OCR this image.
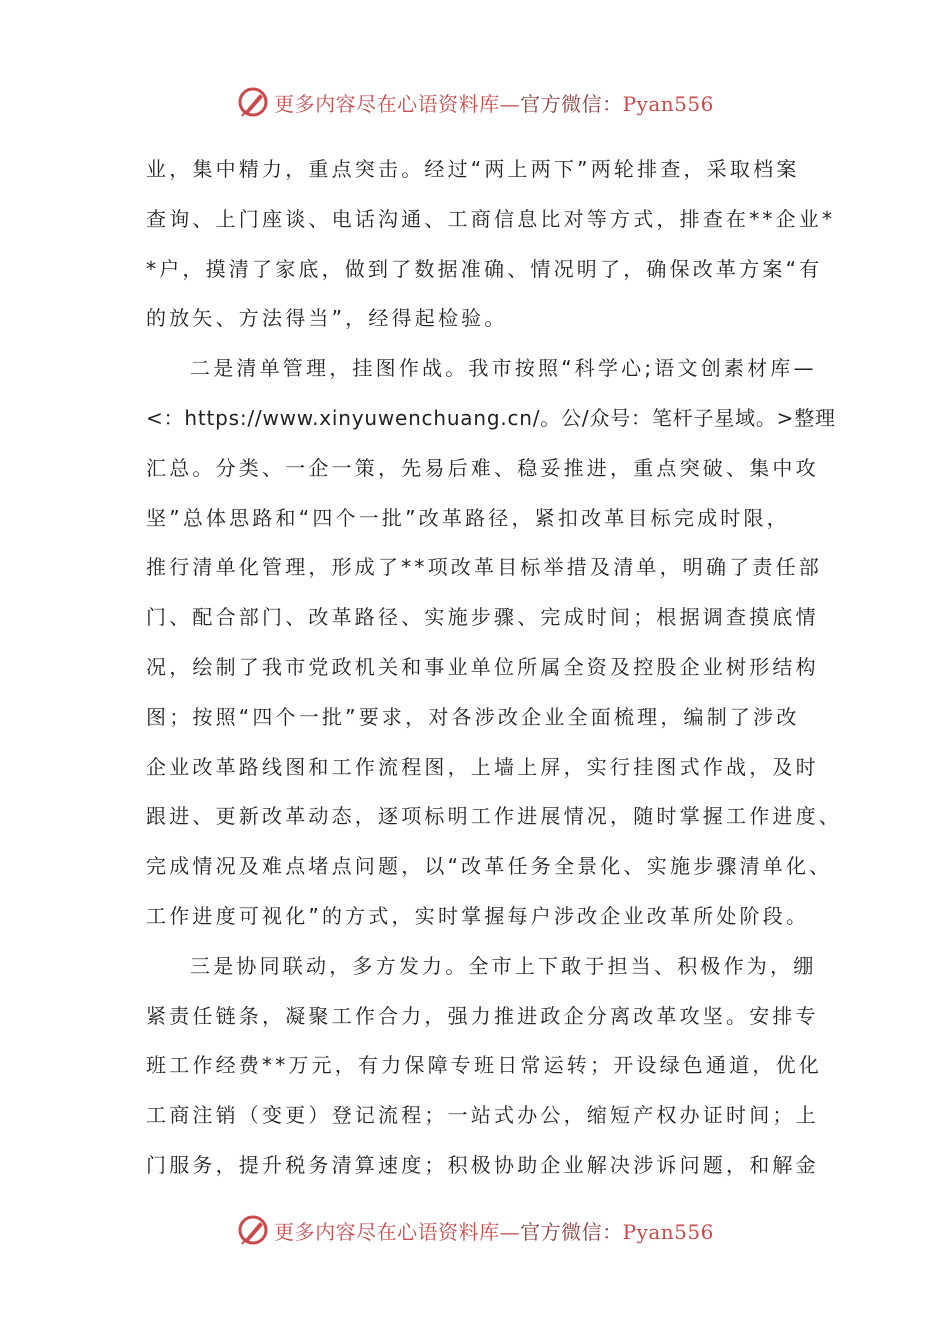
更多内容尽在心语资料库—官方微信：Pyan556
业，集中精力，重点突击。经过“两上两下”两轮排查，采取档案
查询、上门座谈、电话沟通、工商信息比对等方式，排查在**企业*
*户，摸清了家底，做到了数据准确、情况明了，确保改革方案“有
的放矢、方法得当”，经得起检验。
二是清单管理，挂图作战。我市按照“科学心;语文创素材库—
<：https://www.xinyuwenchuang.cn/。公/众号：笔杆子星域。>整理
汇总。分类、一企一策，先易后难、稳妥推进，重点突破、集中攻
坚”总体思路和“四个一批”改革路径，紧扣改革目标完成时限，
推行清单化管理，形成了**项改革目标举措及清单，明确了责任部
门、配合部门、改革路径、实施步骤、完成时间；根据调查摸底情
况，绘制了我市党政机关和事业单位所属全资及控股企业树形结构
图；按照“四个一批”要求，对各涉改企业全面梳理，编制了涉改
企业改革路线图和工作流程图，上墙上屏，实行挂图式作战，及时
跟进、更新改革动态，逐项标明工作进展情况，随时掌握工作进度、
完成情况及难点堵点问题，以“改革任务全景化、实施步骤清单化、
工作进度可视化”的方式，实时掌握每户涉改企业改革所处阶段。
三是协同联动，多方发力。全市上下敢于担当、积极作为，绷
紧责任链条，凝聚工作合力，强力推进政企分离改革攻坚。安排专
班工作经费**万元，有力保障专班日常运转；开设绿色通道，优化
工商注销（变更）登记流程；一站式办公，缩短产权办证时间；上
门服务，提升税务清算速度；积极协助企业解决涉诉问题，和解金
更多内容尽在心语资料库—官方微信：Pyan556
